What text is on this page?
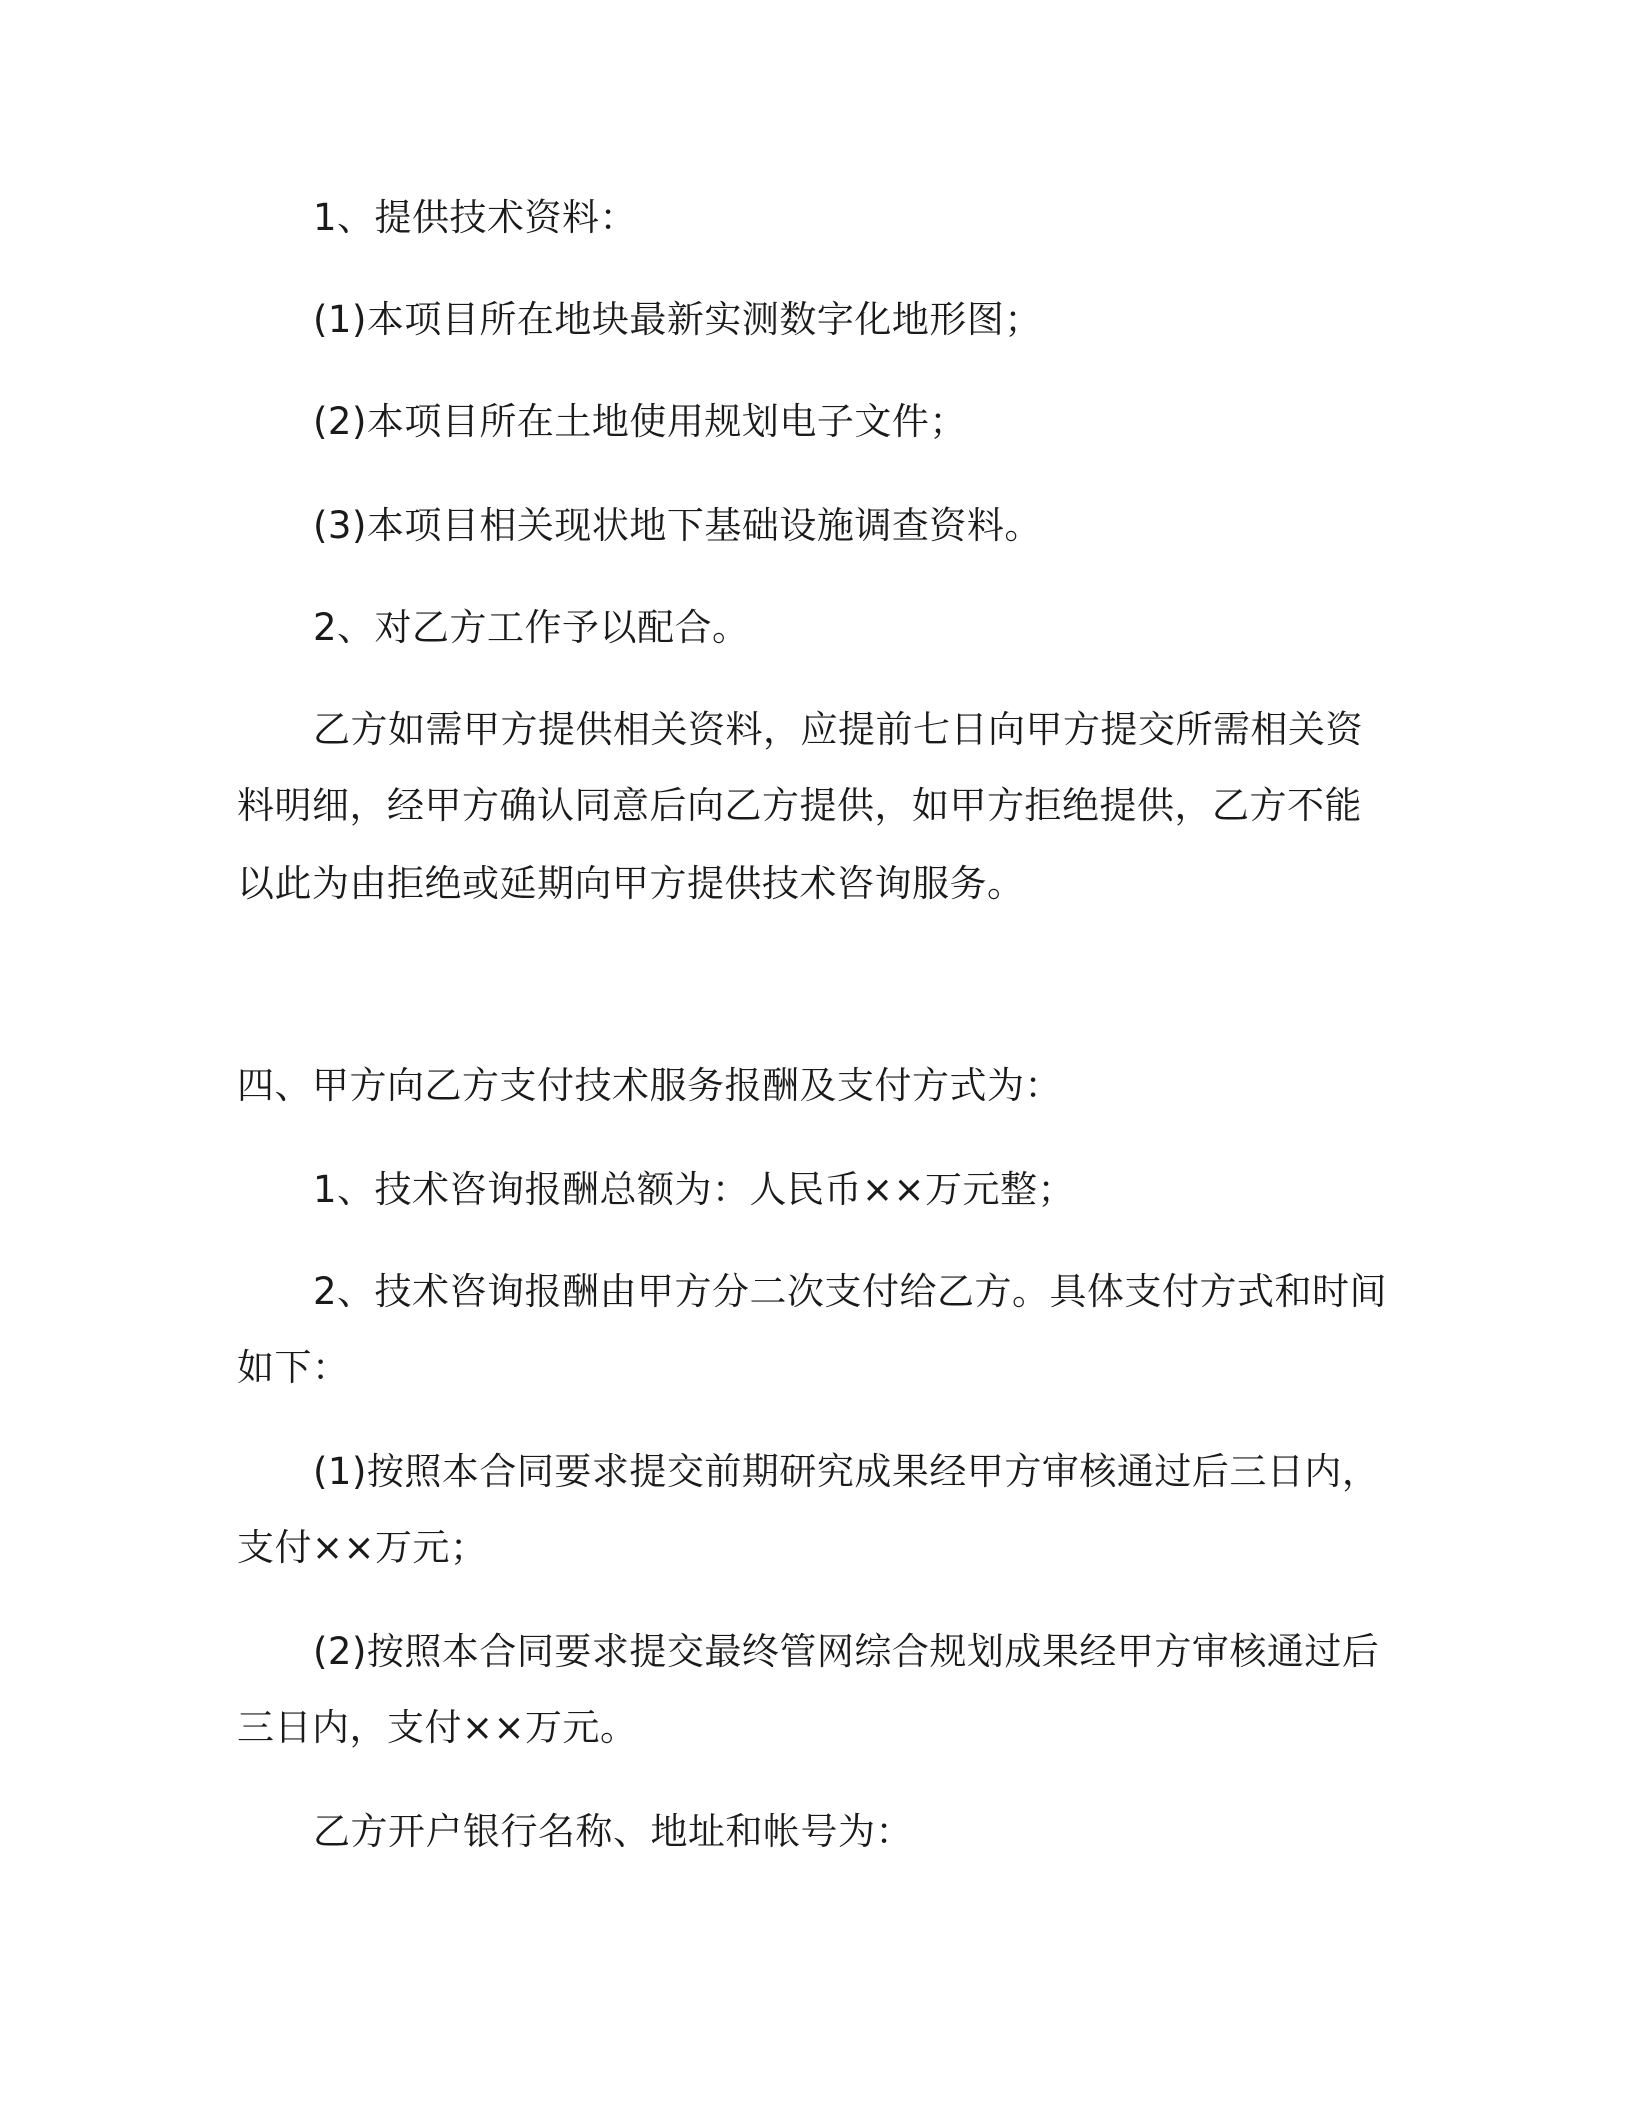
1、提供技术资料：
(1)本项目所在地块最新实测数字化地形图；
(2)本项目所在土地使用规划电子文件；
(3)本项目相关现状地下基础设施调查资料。
2、对乙方工作予以配合。
乙方如需甲方提供相关资料，应提前七日向甲方提交所需相关资
料明细，经甲方确认同意后向乙方提供，如甲方拒绝提供，乙方不能
以此为由拒绝或延期向甲方提供技术咨询服务。
四、甲方向乙方支付技术服务报酬及支付方式为：
1、技术咨询报酬总额为：人民币××万元整；
2、技术咨询报酬由甲方分二次支付给乙方。具体支付方式和时间
如下：
(1)按照本合同要求提交前期研究成果经甲方审核通过后三日内，
支付××万元；
(2)按照本合同要求提交最终管网综合规划成果经甲方审核通过后
三日内，支付××万元。
乙方开户银行名称、地址和帐号为：
